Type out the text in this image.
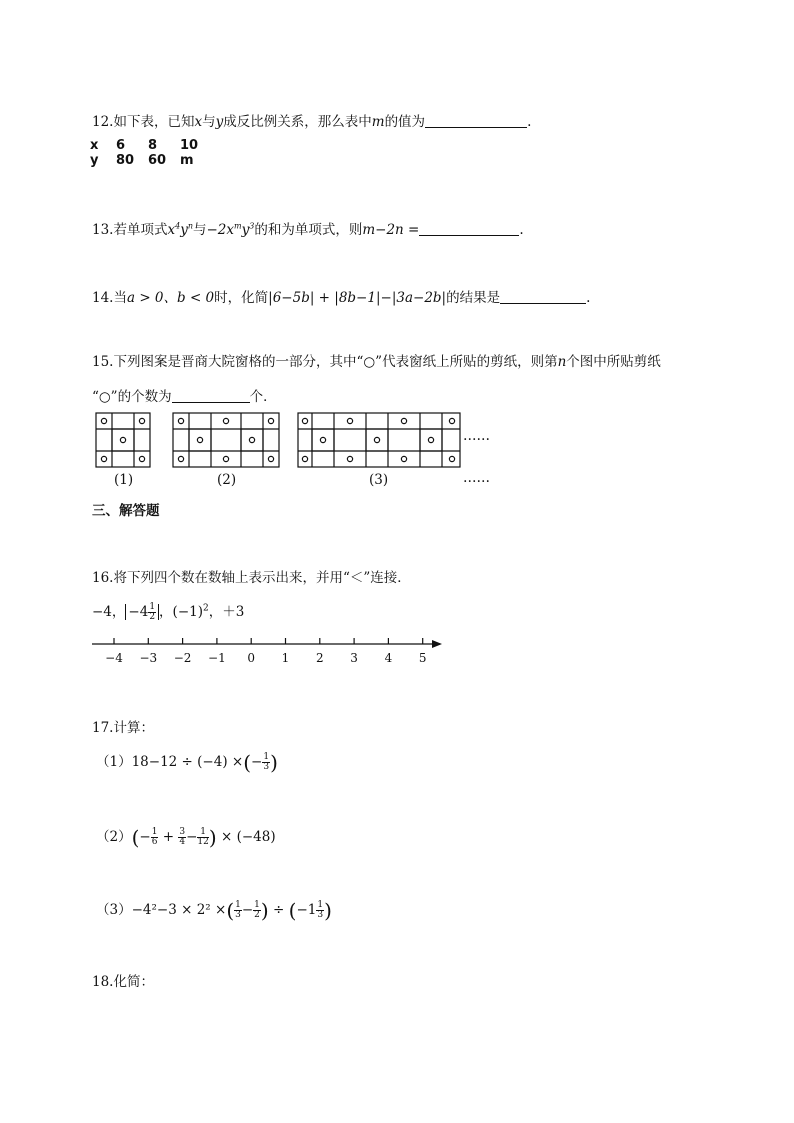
12.如下表，已知x与y成反比例关系，那么表中m的值为	.
x	6	8	10
y	80	60	m
13.若单项式$x^4y^n$与$-2x^my^3$的和为单项式，则m−2n =	.
14.当a > 0、b < 0时，化简|6−5b| + |8b−1|−|3a−2b|的结果是	.
15.下列图案是晋商大院窗格的一部分，其中“○”代表窗纸上所贴的剪纸，则第n个图中所贴剪纸
“○”的个数为	个．
……
……
(1)	(2)	(3)
三、解答题
16.将下列四个数在数轴上表示出来，并用“＜”连接．
−4， $-4 \frac{1}{2}$ ，$(-1)^2$，＋3
−4 −3 −2 −1 0 1 2 3 4 5
17.计算：
（1）18−12 ÷ (−4) ×(− $\frac{1}{3}$ )
$(2)(- \frac{1}{6} + \frac{3}{4} - \frac{1}{12}$ ) × (−48)
（3）−4²−3 × 2² ×( $\frac{1}{3} - \frac{1}{2}$ ) ÷ ($-1 \frac{1}{3}$ )
18.化简：
